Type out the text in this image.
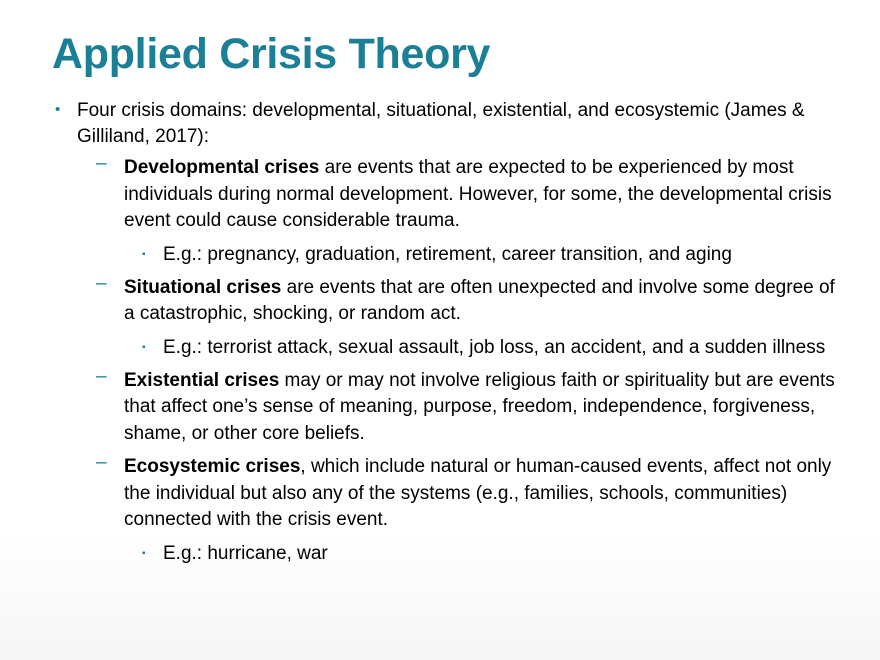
Applied Crisis Theory
• Four crisis domains: developmental, situational, existential, and ecosystemic (James & Gilliland, 2017):
– Developmental crises are events that are expected to be experienced by most individuals during normal development. However, for some, the developmental crisis event could cause considerable trauma.
▪ E.g.: pregnancy, graduation, retirement, career transition, and aging
– Situational crises are events that are often unexpected and involve some degree of a catastrophic, shocking, or random act.
▪ E.g.: terrorist attack, sexual assault, job loss, an accident, and a sudden illness
– Existential crises may or may not involve religious faith or spirituality but are events that affect one’s sense of meaning, purpose, freedom, independence, forgiveness, shame, or other core beliefs.
– Ecosystemic crises, which include natural or human-caused events, affect not only the individual but also any of the systems (e.g., families, schools, communities) connected with the crisis event.
▪ E.g.: hurricane, war
